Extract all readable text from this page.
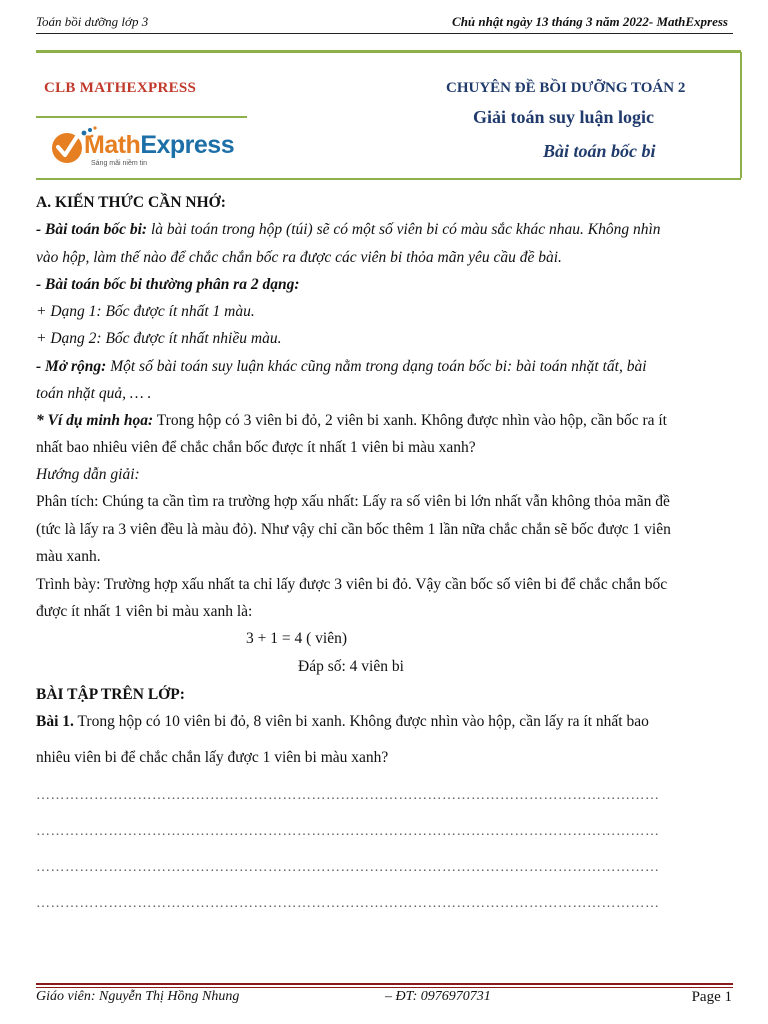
Toán bồi dưỡng lớp 3	Chủ nhật ngày 13 tháng 3 năm 2022- MathExpress
CLB MATHEXPRESS	CHUYÊN ĐỀ BỒI DƯỠNG TOÁN 2
Giải toán suy luận logic
Bài toán bốc bi
MathExpress
Sáng mãi niềm tin
A. KIẾN THỨC CẦN NHỚ:
- Bài toán bốc bi: là bài toán trong hộp (túi) sẽ có một số viên bi có màu sắc khác nhau. Không nhìn
vào hộp, làm thế nào để chắc chắn bốc ra được các viên bi thỏa mãn yêu cầu đề bài.
- Bài toán bốc bi thường phân ra 2 dạng:
+ Dạng 1: Bốc được ít nhất 1 màu.
+ Dạng 2: Bốc được ít nhất nhiều màu.
- Mở rộng: Một số bài toán suy luận khác cũng nằm trong dạng toán bốc bi: bài toán nhặt tất, bài
toán nhặt quả, … .
* Ví dụ minh họa: Trong hộp có 3 viên bi đỏ, 2 viên bi xanh. Không được nhìn vào hộp, cần bốc ra ít
nhất bao nhiêu viên để chắc chắn bốc được ít nhất 1 viên bi màu xanh?
Hướng dẫn giải:
Phân tích: Chúng ta cần tìm ra trường hợp xấu nhất: Lấy ra số viên bi lớn nhất vẫn không thỏa mãn đề
(tức là lấy ra 3 viên đều là màu đỏ). Như vậy chỉ cần bốc thêm 1 lần nữa chắc chắn sẽ bốc được 1 viên
màu xanh.
Trình bày: Trường hợp xấu nhất ta chỉ lấy được 3 viên bi đỏ. Vậy cần bốc số viên bi để chắc chắn bốc
được ít nhất 1 viên bi màu xanh là:
3 + 1 = 4 ( viên)
Đáp số: 4 viên bi
BÀI TẬP TRÊN LỚP:
Bài 1. Trong hộp có 10 viên bi đỏ, 8 viên bi xanh. Không được nhìn vào hộp, cần lấy ra ít nhất bao
nhiêu viên bi để chắc chắn lấy được 1 viên bi màu xanh?
…………………………………………………………………………………………………………………
…………………………………………………………………………………………………………………
…………………………………………………………………………………………………………………
…………………………………………………………………………………………………………………
Giáo viên: Nguyễn Thị Hồng Nhung	– ĐT: 0976970731	Page 1
